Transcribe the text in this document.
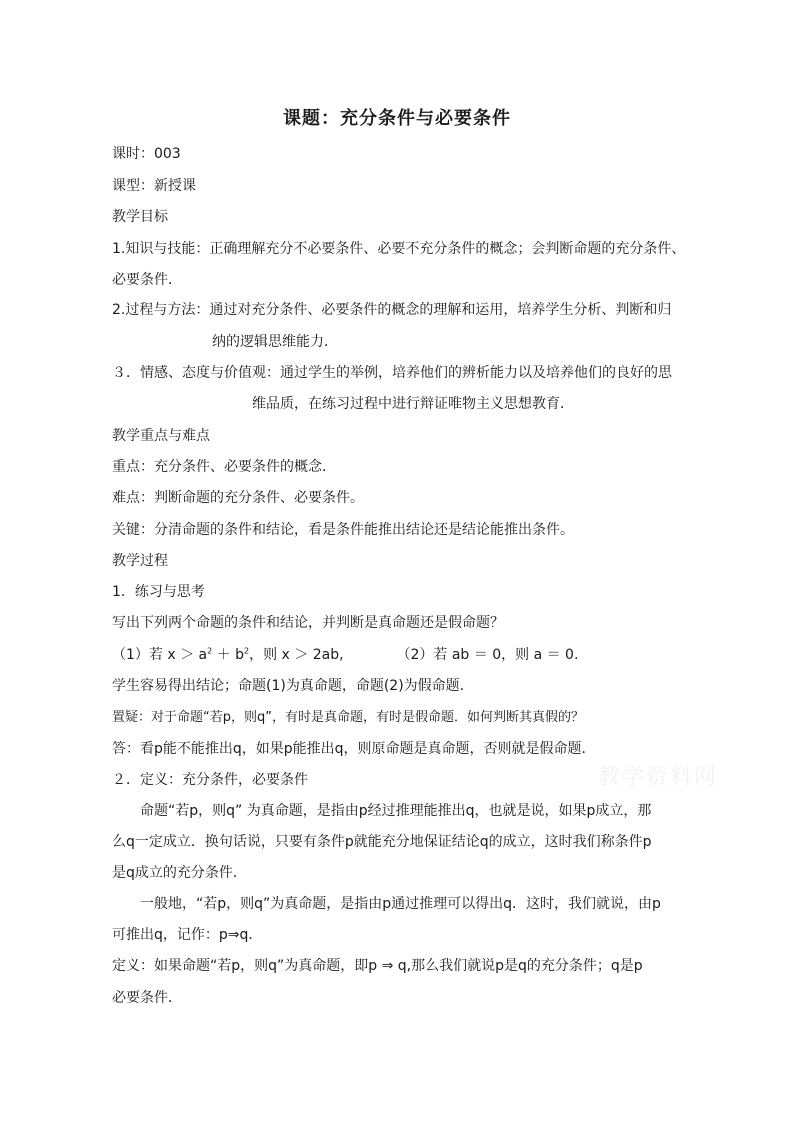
课题：充分条件与必要条件
课时：003
课型：新授课
教学目标
1.知识与技能：正确理解充分不必要条件、必要不充分条件的概念；会判断命题的充分条件、
必要条件．
2.过程与方法：通过对充分条件、必要条件的概念的理解和运用，培养学生分析、判断和归
纳的逻辑思维能力．
３．情感、态度与价值观：通过学生的举例，培养他们的辨析能力以及培养他们的良好的思
维品质，在练习过程中进行辩证唯物主义思想教育．
教学重点与难点
重点：充分条件、必要条件的概念．
难点：判断命题的充分条件、必要条件。
关键：分清命题的条件和结论，看是条件能推出结论还是结论能推出条件。
教学过程
1．练习与思考
写出下列两个命题的条件和结论，并判断是真命题还是假命题？
（1）若 $x > a^2 + b^2$，则 x ＞ 2ab,	（2）若 ab ＝ 0，则 a ＝ 0.
学生容易得出结论；命题(1)为真命题，命题(2)为假命题．
置疑：对于命题“若p，则q”，有时是真命题，有时是假命题．如何判断其真假的？
答：看p能不能推出q，如果p能推出q，则原命题是真命题，否则就是假命题．
２．定义：充分条件，必要条件
命题“若p，则q” 为真命题，是指由p经过推理能推出q，也就是说，如果p成立，那
么q一定成立．换句话说，只要有条件p就能充分地保证结论q的成立，这时我们称条件p
是q成立的充分条件．
一般地，“若p，则q”为真命题，是指由p通过推理可以得出q．这时，我们就说，由p
可推出q，记作：p⇒q．
定义：如果命题“若p，则q”为真命题，即p ⇒ q,那么我们就说p是q的充分条件；q是p
必要条件．
教学资料网
